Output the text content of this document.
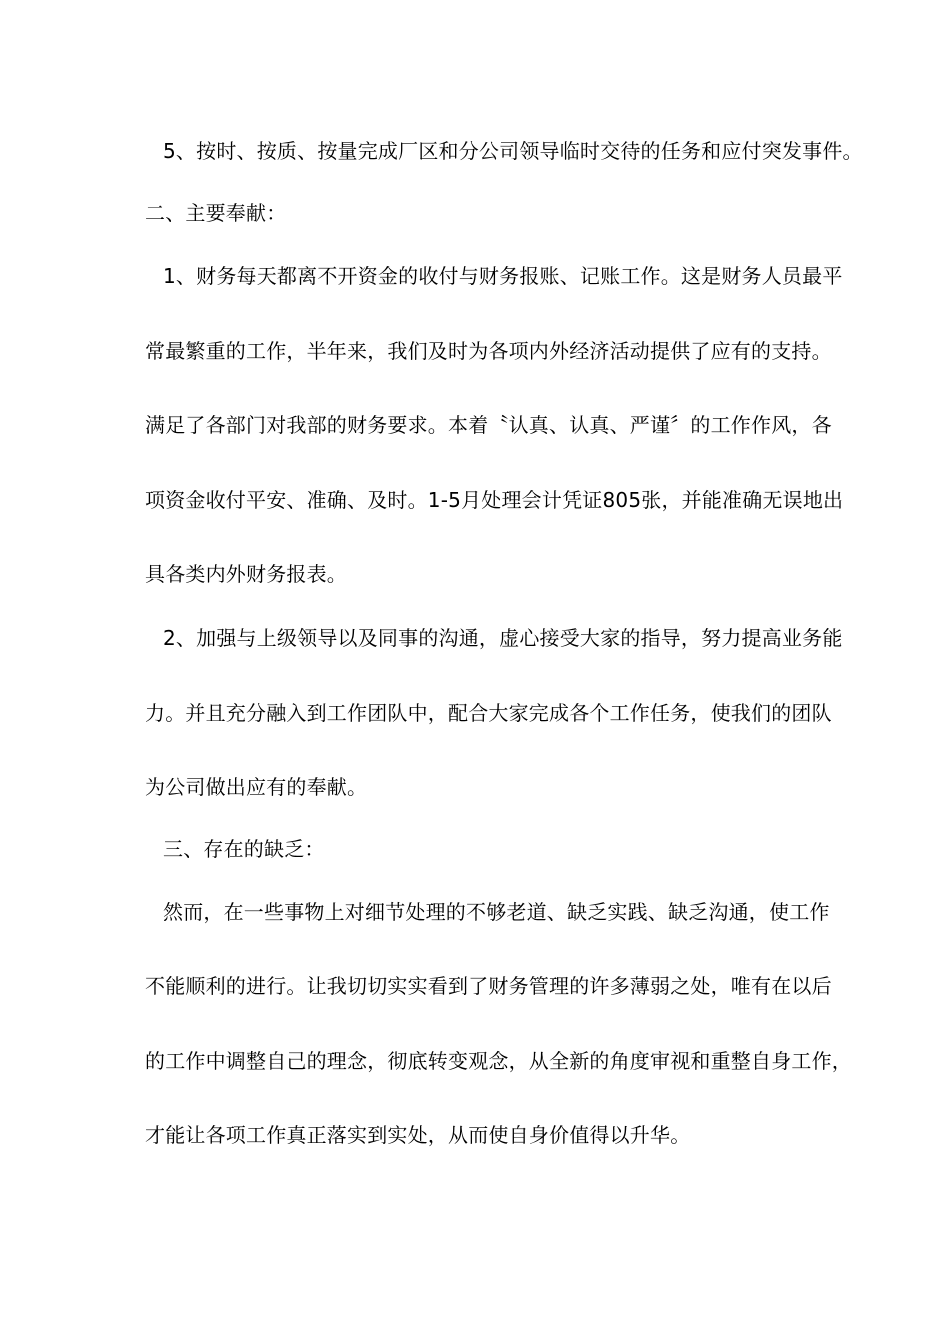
5、按时、按质、按量完成厂区和分公司领导临时交待的任务和应付突发事件。
二、主要奉献：
1、财务每天都离不开资金的收付与财务报账、记账工作。这是财务人员最平
常最繁重的工作，半年来，我们及时为各项内外经济活动提供了应有的支持。
满足了各部门对我部的财务要求。本着〝认真、认真、严谨〞的工作作风，各
项资金收付平安、准确、及时。1-5月处理会计凭证805张，并能准确无误地出
具各类内外财务报表。
2、加强与上级领导以及同事的沟通，虚心接受大家的指导，努力提高业务能
力。并且充分融入到工作团队中，配合大家完成各个工作任务，使我们的团队
为公司做出应有的奉献。
三、存在的缺乏：
然而，在一些事物上对细节处理的不够老道、缺乏实践、缺乏沟通，使工作
不能顺利的进行。让我切切实实看到了财务管理的许多薄弱之处，唯有在以后
的工作中调整自己的理念，彻底转变观念，从全新的角度审视和重整自身工作，
才能让各项工作真正落实到实处，从而使自身价值得以升华。
